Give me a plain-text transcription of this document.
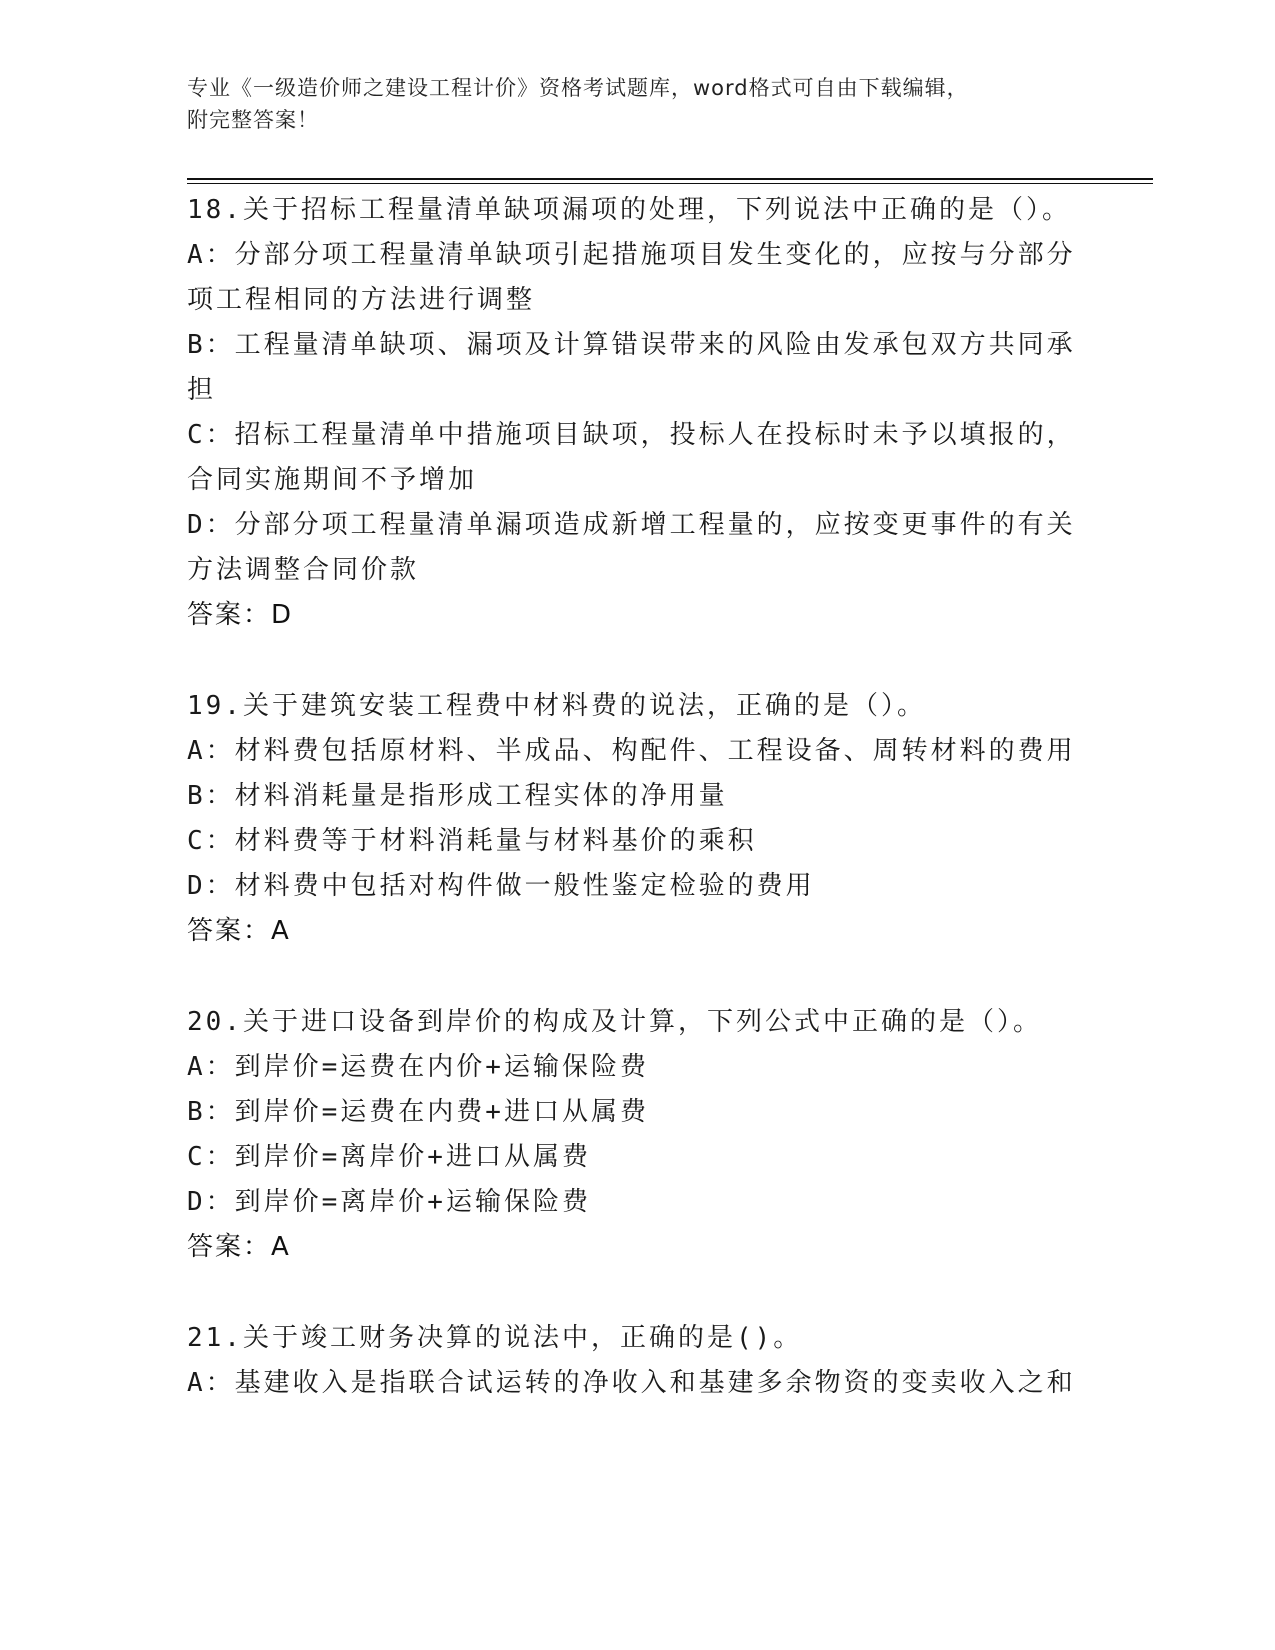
专业《一级造价师之建设工程计价》资格考试题库，word格式可自由下载编辑，
附完整答案！
18.关于招标工程量清单缺项漏项的处理，下列说法中正确的是（）。
A：分部分项工程量清单缺项引起措施项目发生变化的，应按与分部分项工程相同的方法进行调整
B：工程量清单缺项、漏项及计算错误带来的风险由发承包双方共同承担
C：招标工程量清单中措施项目缺项，投标人在投标时未予以填报的，合同实施期间不予增加
D：分部分项工程量清单漏项造成新增工程量的，应按变更事件的有关方法调整合同价款
答案：D
19.关于建筑安装工程费中材料费的说法，正确的是（）。
A：材料费包括原材料、半成品、构配件、工程设备、周转材料的费用
B：材料消耗量是指形成工程实体的净用量
C：材料费等于材料消耗量与材料基价的乘积
D：材料费中包括对构件做一般性鉴定检验的费用
答案：A
20.关于进口设备到岸价的构成及计算，下列公式中正确的是（）。
A：到岸价=运费在内价+运输保险费
B：到岸价=运费在内费+进口从属费
C：到岸价=离岸价+进口从属费
D：到岸价=离岸价+运输保险费
答案：A
21.关于竣工财务决算的说法中，正确的是()。
A：基建收入是指联合试运转的净收入和基建多余物资的变卖收入之和
